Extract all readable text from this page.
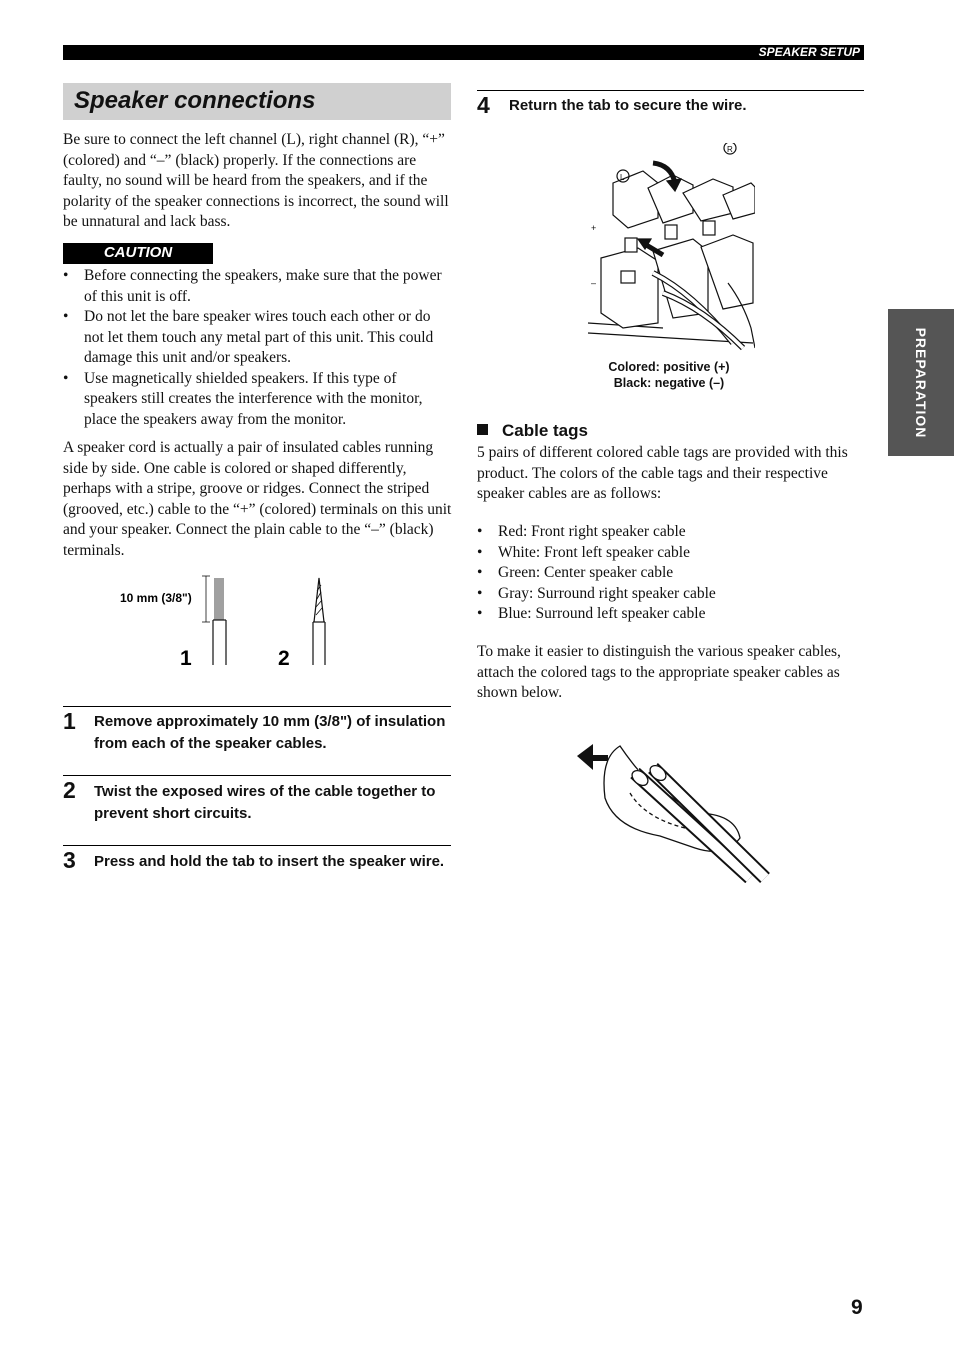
SPEAKER SETUP
PREPARATION
Speaker connections
Be sure to connect the left channel (L), right channel (R), “+” (colored) and “–” (black) properly. If the connections are faulty, no sound will be heard from the speakers, and if the polarity of the speaker connections is incorrect, the sound will be unnatural and lack bass.
CAUTION
• Before connecting the speakers, make sure that the power of this unit is off.
• Do not let the bare speaker wires touch each other or do not let them touch any metal part of this unit. This could damage this unit and/or speakers.
• Use magnetically shielded speakers. If this type of speakers still creates the interference with the monitor, place the speakers away from the monitor.
A speaker cord is actually a pair of insulated cables running side by side. One cable is colored or shaped differently, perhaps with a stripe, groove or ridges. Connect the striped (grooved, etc.) cable to the “+” (colored) terminals on this unit and your speaker. Connect the plain cable to the “–” (black) terminals.
10 mm (3/8")
1	2
1 Remove approximately 10 mm (3/8") of insulation from each of the speaker cables.
2 Twist the exposed wires of the cable together to prevent short circuits.
3 Press and hold the tab to insert the speaker wire.
4 Return the tab to secure the wire.
L
R
+
–
Colored: positive (+)
Black: negative (–)
Cable tags
5 pairs of different colored cable tags are provided with this product. The colors of the cable tags and their respective speaker cables are as follows:
• Red: Front right speaker cable
• White: Front left speaker cable
• Green: Center speaker cable
• Gray: Surround right speaker cable
• Blue: Surround left speaker cable
To make it easier to distinguish the various speaker cables, attach the colored tags to the appropriate speaker cables as shown below.
9
